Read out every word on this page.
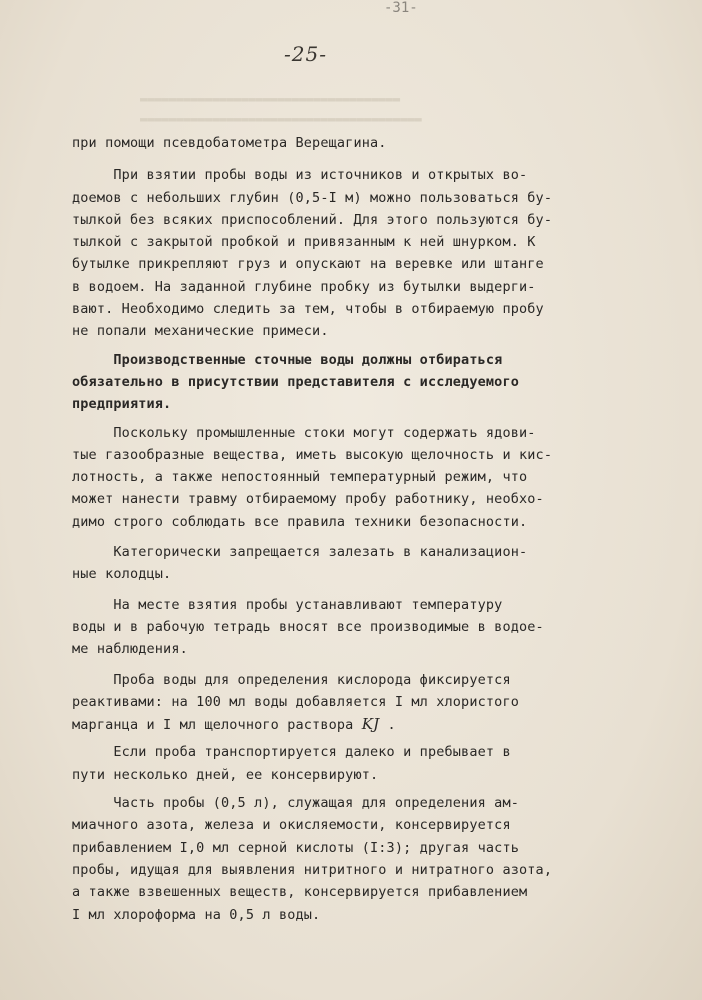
▬▬▬▬▬▬▬▬▬▬▬▬▬▬▬▬▬▬▬▬▬▬▬▬▬▬▬▬▬▬▬▬▬▬▬▬
▬▬▬▬▬▬▬▬▬▬▬▬▬▬▬▬▬▬▬▬▬▬▬▬▬▬▬▬▬▬▬▬▬▬▬▬▬▬▬
-31-
-25-
при помощи псевдобатометра Верещагина.
При взятии пробы воды из источников и открытых во-
доемов с небольших глубин (0,5-I м) можно пользоваться бу-
тылкой без всяких приспособлений. Для этого пользуются бу-
тылкой с закрытой пробкой и привязанным к ней шнурком. К
бутылке прикрепляют груз и опускают на веревке или штанге
в водоем. На заданной глубине пробку из бутылки выдерги-
вают. Необходимо следить за тем, чтобы в отбираемую пробу
не попали механические примеси.
Производственные сточные воды должны отбираться
обязательно в присутствии представителя с исследуемого
предприятия.
Поскольку промышленные стоки могут содержать ядови-
тые газообразные вещества, иметь высокую щелочность и кис-
лотность, а также непостоянный температурный режим, что
может нанести травму отбираемому пробу работнику, необхо-
димо строго соблюдать все правила техники безопасности.
Категорически запрещается залезать в канализацион-
ные колодцы.
На месте взятия пробы устанавливают температуру
воды и в рабочую тетрадь вносят все производимые в водое-
ме наблюдения.
Проба воды для определения кислорода фиксируется
реактивами: на 100 мл воды добавляется I мл хлористого
марганца и I мл щелочного раствора KJ .
Если проба транспортируется далеко и пребывает в
пути несколько дней, ее консервируют.
Часть пробы (0,5 л), служащая для определения ам-
миачного азота, железа и окисляемости, консервируется
прибавлением I,0 мл серной кислоты (I:3); другая часть
пробы, идущая для выявления нитритного и нитратного азота,
а также взвешенных веществ, консервируется прибавлением
I мл хлороформа на 0,5 л воды.
